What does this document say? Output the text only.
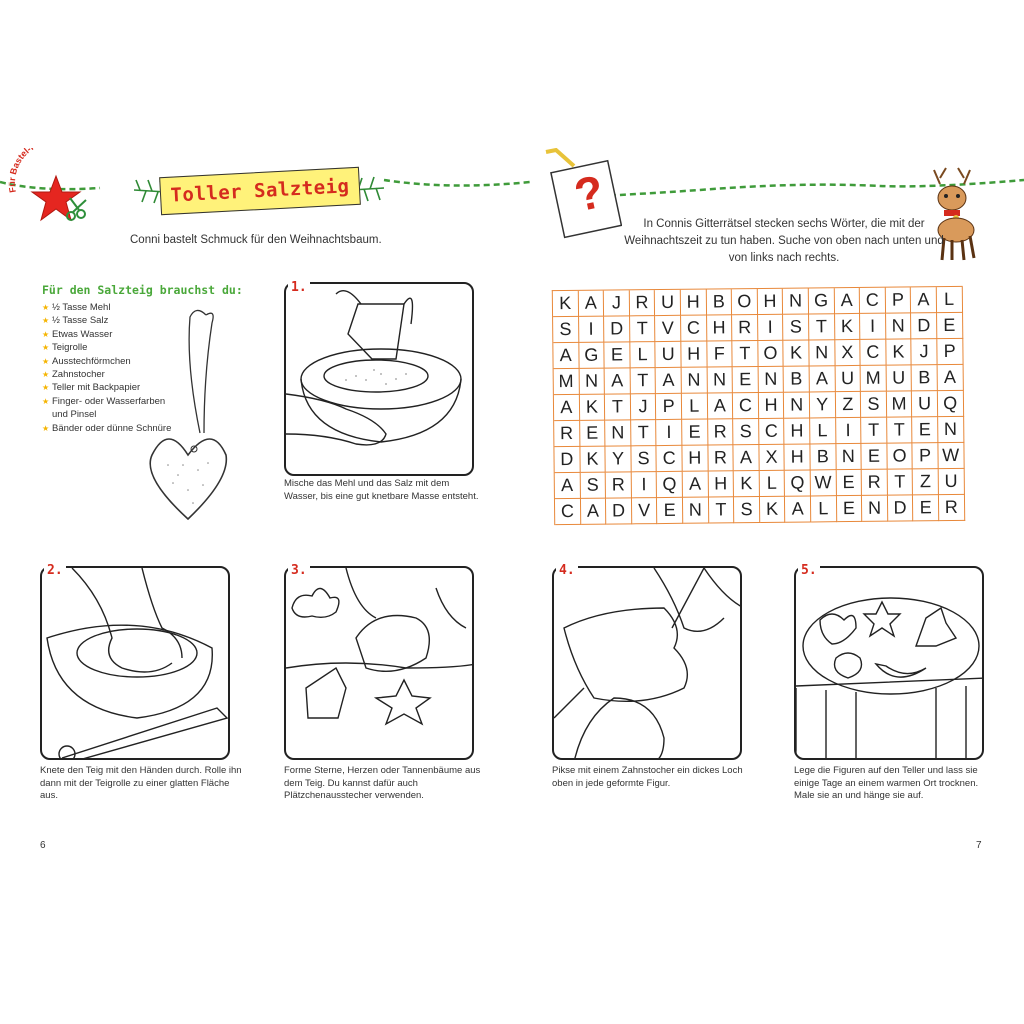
F r Bastel-
Toller Salzteig
Conni bastelt Schmuck für den Weihnachtsbaum.
Für den Salzteig brauchst du:
★ ½ Tasse Mehl
★ ½ Tasse Salz
★ Etwas Wasser
★ Teigrolle
★ Ausstechförmchen
★ Zahnstocher
★ Teller mit Backpapier
★ Finger- oder Wasserfarben
und Pinsel
★ Bänder oder dünne Schnüre
1.
Mische das Mehl und das Salz mit dem Wasser, bis eine gut knetbare Masse entsteht.
2.
Knete den Teig mit den Händen durch. Rolle ihn dann mit der Teigrolle zu einer glatten Fläche aus.
3.
Forme Sterne, Herzen oder Tannenbäume aus dem Teig. Du kannst dafür auch Plätzchenausstecher verwenden.
4.
Pikse mit einem Zahnstocher ein dickes Loch oben in jede geformte Figur.
5.
Lege die Figuren auf den Teller und lass sie einige Tage an einem warmen Ort trocknen. Male sie an und hänge sie auf.
?
In Connis Gitterrätsel stecken sechs Wörter, die mit der Weihnachtszeit zu tun haben. Suche von oben nach unten und von links nach rechts.
K A J R U H B O H N G A C P A L
S I D T V C H R I S T K I N D E
A G E L U H F T O K N X C K J P
M N A T A N N E N B A U M U B A
A K T J P L A C H N Y Z S M U Q
R E N T I E R S C H L I T T E N
D K Y S C H R A X H B N E O P W
A S R I Q A H K L Q W E R T Z U
C A D V E N T S K A L E N D E R
6	7
